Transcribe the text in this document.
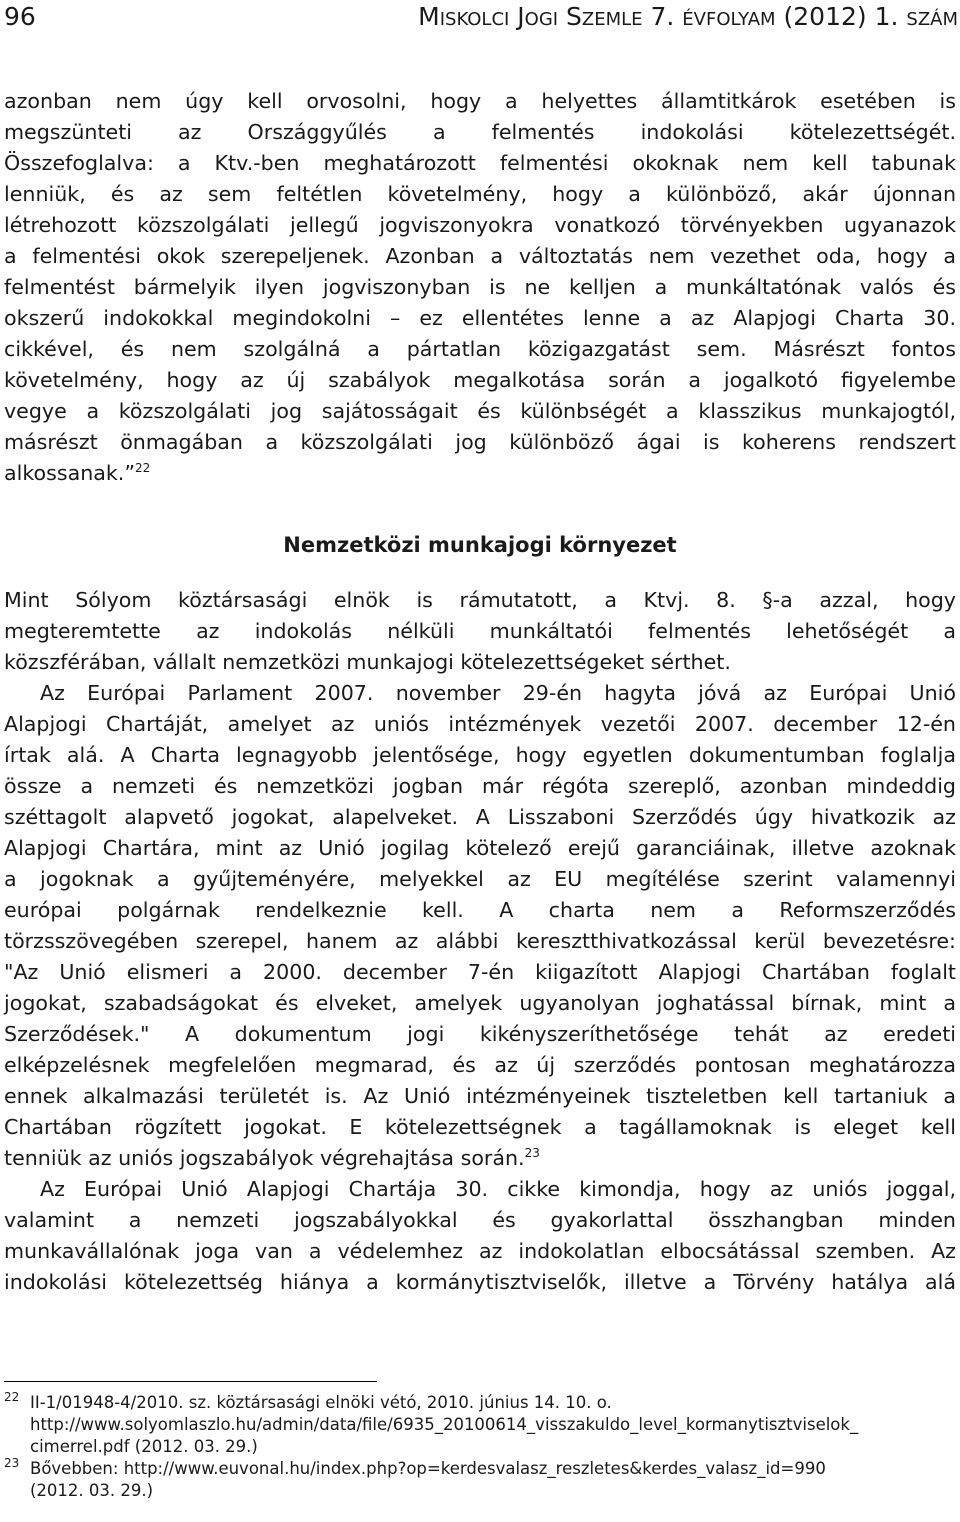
96	Miskolci Jogi Szemle 7. évfolyam (2012) 1. szám
azonban nem úgy kell orvosolni, hogy a helyettes államtitkárok esetében is
megszünteti az Országgyűlés a felmentés indokolási kötelezettségét.
Összefoglalva: a Ktv.-ben meghatározott felmentési okoknak nem kell tabunak
lenniük, és az sem feltétlen követelmény, hogy a különböző, akár újonnan
létrehozott közszolgálati jellegű jogviszonyokra vonatkozó törvényekben ugyanazok
a felmentési okok szerepeljenek. Azonban a változtatás nem vezethet oda, hogy a
felmentést bármelyik ilyen jogviszonyban is ne kelljen a munkáltatónak valós és
okszerű indokokkal megindokolni – ez ellentétes lenne a az Alapjogi Charta 30.
cikkével, és nem szolgálná a pártatlan közigazgatást sem. Másrészt fontos
követelmény, hogy az új szabályok megalkotása során a jogalkotó figyelembe
vegye a közszolgálati jog sajátosságait és különbségét a klasszikus munkajogtól,
másrészt önmagában a közszolgálati jog különböző ágai is koherens rendszert
alkossanak.”$^{22}$
Nemzetközi munkajogi környezet
Mint Sólyom köztársasági elnök is rámutatott, a Ktvj. 8. §-a azzal, hogy
megteremtette az indokolás nélküli munkáltatói felmentés lehetőségét a
közszférában, vállalt nemzetközi munkajogi kötelezettségeket sérthet.
Az Európai Parlament 2007. november 29-én hagyta jóvá az Európai Unió
Alapjogi Chartáját, amelyet az uniós intézmények vezetői 2007. december 12-én
írtak alá. A Charta legnagyobb jelentősége, hogy egyetlen dokumentumban foglalja
össze a nemzeti és nemzetközi jogban már régóta szereplő, azonban mindeddig
széttagolt alapvető jogokat, alapelveket. A Lisszaboni Szerződés úgy hivatkozik az
Alapjogi Chartára, mint az Unió jogilag kötelező erejű garanciáinak, illetve azoknak
a jogoknak a gyűjteményére, melyekkel az EU megítélése szerint valamennyi
európai polgárnak rendelkeznie kell. A charta nem a Reformszerződés
törzsszövegében szerepel, hanem az alábbi keresztthivatkozással kerül bevezetésre:
"Az Unió elismeri a 2000. december 7-én kiigazított Alapjogi Chartában foglalt
jogokat, szabadságokat és elveket, amelyek ugyanolyan joghatással bírnak, mint a
Szerződések." A dokumentum jogi kikényszeríthetősége tehát az eredeti
elképzelésnek megfelelően megmarad, és az új szerződés pontosan meghatározza
ennek alkalmazási területét is. Az Unió intézményeinek tiszteletben kell tartaniuk a
Chartában rögzített jogokat. E kötelezettségnek a tagállamoknak is eleget kell
tenniük az uniós jogszabályok végrehajtása során.$^{23}$
Az Európai Unió Alapjogi Chartája 30. cikke kimondja, hogy az uniós joggal,
valamint a nemzeti jogszabályokkal és gyakorlattal összhangban minden
munkavállalónak joga van a védelemhez az indokolatlan elbocsátással szemben. Az
indokolási kötelezettség hiánya a kormánytisztviselők, illetve a Törvény hatálya alá
22 II-1/01948-4/2010. sz. köztársasági elnöki vétó, 2010. június 14. 10. o.
http://www.solyomlaszlo.hu/admin/data/file/6935_20100614_visszakuldo_level_kormanytisztviselok_
cimerrel.pdf (2012. 03. 29.)
23 Bővebben: http://www.euvonal.hu/index.php?op=kerdesvalasz_reszletes&kerdes_valasz_id=990
(2012. 03. 29.)
